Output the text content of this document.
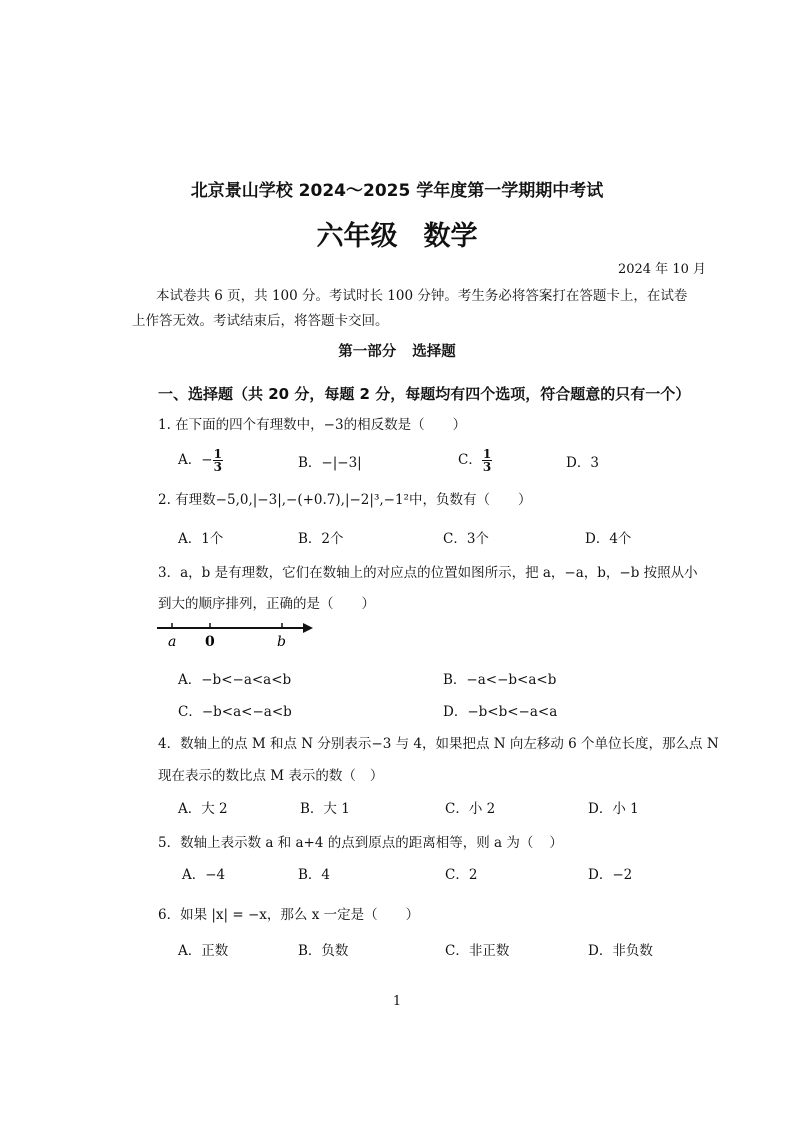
北京景山学校 2024～2025 学年度第一学期期中考试
六年级 数学
2024 年 10 月
本试卷共 6 页，共 100 分。考试时长 100 分钟。考生务必将答案打在答题卡上，在试卷上作答无效。考试结束后，将答题卡交回。
第一部分 选择题
一、选择题（共 20 分，每题 2 分，每题均有四个选项，符合题意的只有一个）
1. 在下面的四个有理数中，−3的相反数是（ ）
A．− $\frac{1}{3}$	B．−|−3|	C． $\frac{1}{3}$	D．3
2. 有理数−5,0,|−3|,−(+0.7),|−2|³,−1²中，负数有（ ）
A．1个	B．2个	C．3个	D．4个
3．a，b 是有理数，它们在数轴上的对应点的位置如图所示，把 a，−a，b，−b 按照从小
到大的顺序排列，正确的是（ ）
a 0	b
A．−b<−a<a<b	B．−a<−b<a<b
C．−b<a<−a<b	D．−b<b<−a<a
4．数轴上的点 M 和点 N 分别表示−3 与 4，如果把点 N 向左移动 6 个单位长度，那么点 N
现在表示的数比点 M 表示的数（ ）
A．大 2	B．大 1	C．小 2	D．小 1
5．数轴上表示数 a 和 a+4 的点到原点的距离相等，则 a 为（ ）
A．−4	B．4	C．2	D．−2
6．如果 |x| = −x，那么 x 一定是（ ）
A．正数	B．负数	C．非正数	D．非负数
1
